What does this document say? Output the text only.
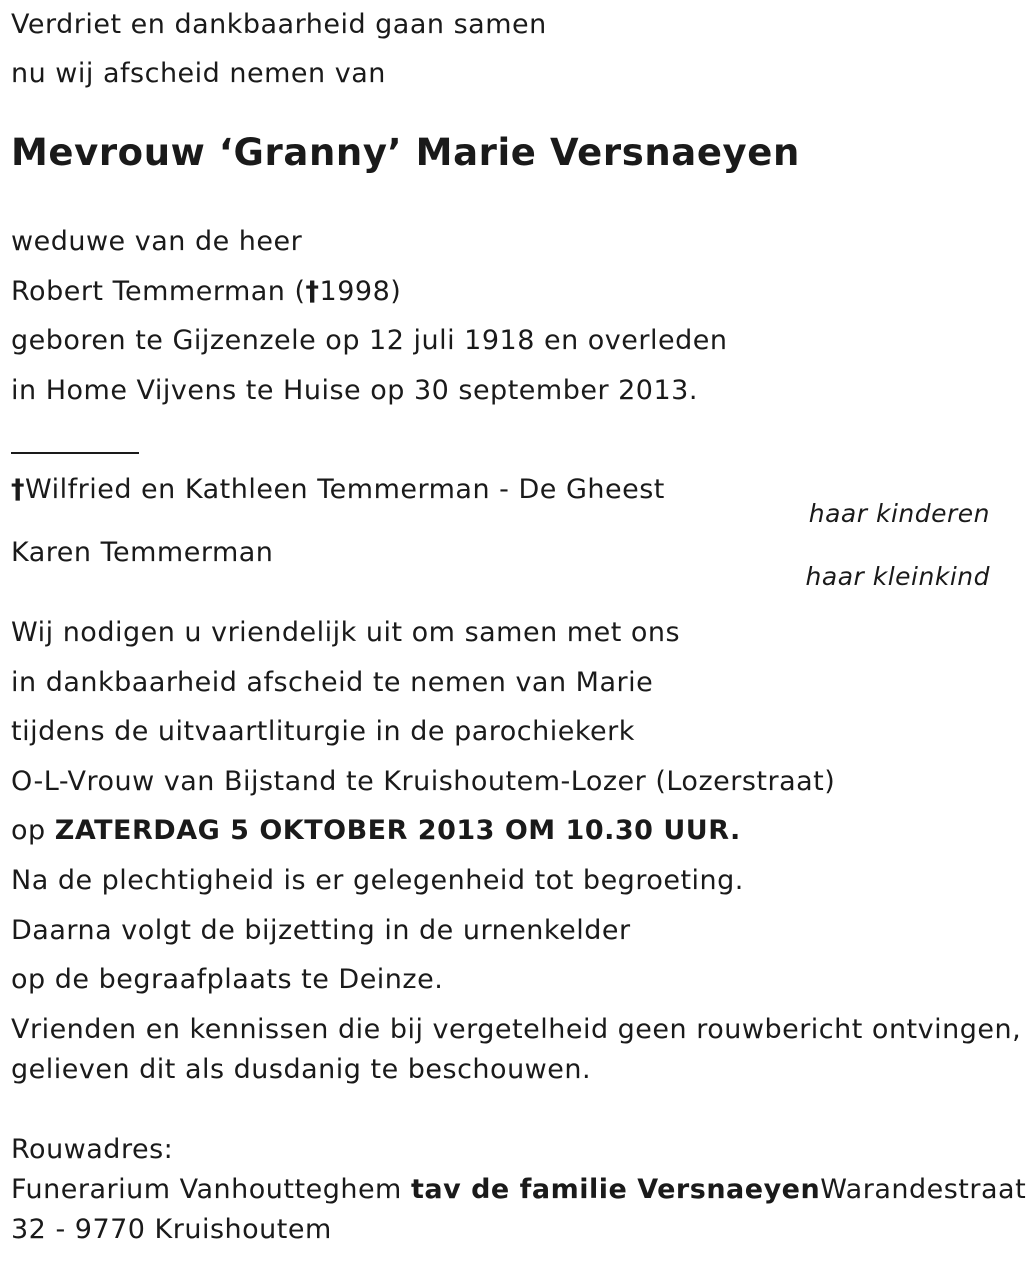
Verdriet en dankbaarheid gaan samen
nu wij afscheid nemen van
Mevrouw ‘Granny’ Marie Versnaeyen
weduwe van de heer
Robert Temmerman (†1998)
geboren te Gijzenzele op 12 juli 1918 en overleden
in Home Vijvens te Huise op 30 september 2013.
†Wilfried en Kathleen Temmerman - De Gheest
haar kinderen
Karen Temmerman
haar kleinkind
Wij nodigen u vriendelijk uit om samen met ons
in dankbaarheid afscheid te nemen van Marie
tijdens de uitvaartliturgie in de parochiekerk
O-L-Vrouw van Bijstand te Kruishoutem-Lozer (Lozerstraat)
op ZATERDAG 5 OKTOBER 2013 OM 10.30 UUR.
Na de plechtigheid is er gelegenheid tot begroeting.
Daarna volgt de bijzetting in de urnenkelder
op de begraafplaats te Deinze.
Vrienden en kennissen die bij vergetelheid geen rouwbericht ontvingen,
gelieven dit als dusdanig te beschouwen.
Rouwadres:
Funerarium Vanhoutteghem tav de familie VersnaeyenWarandestraat
32 - 9770 Kruishoutem
